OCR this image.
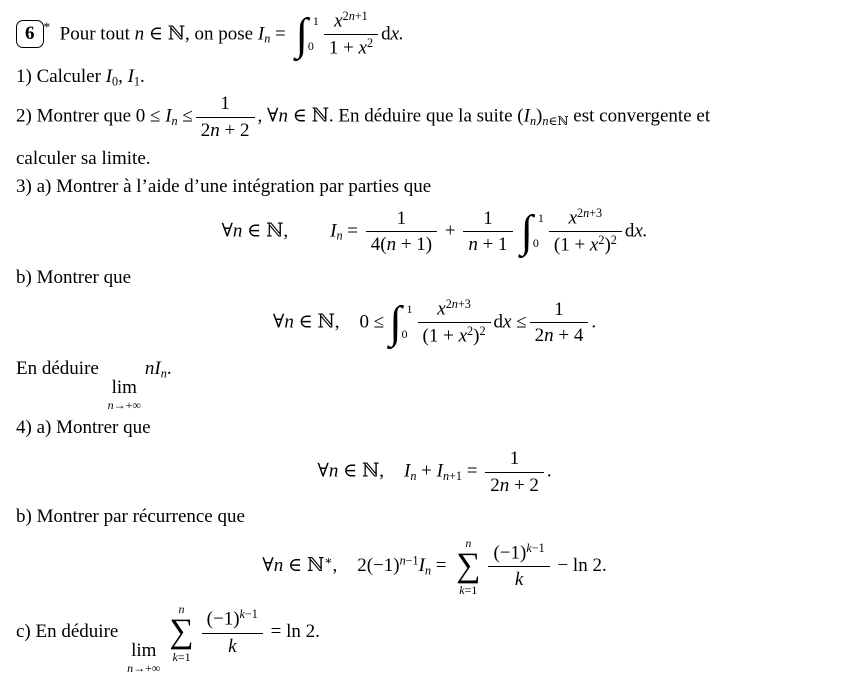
6 * Pour tout n ∈ ℕ, on pose $I_n$ = ∫ 1
$0 \frac{x^{2n+1}}{1 + x^2}$ dx.

1) Calculer $I_0$, $I_1$.

2) Montrer que $0 \le I_n \le \frac{1}{2n + 2}$ , ∀n ∈ ℕ. En déduire que la suite $(I_n)_{n\in ℕ}$ est convergente et

calculer sa limite.

3) a) Montrer à l’aide d’une intégration par parties que

∀n ∈ ℕ, $I_n = \frac{1}{4(n + 1)} + \frac{1}{n + 1}$ ∫ 1
$0 \frac{x^{2n+3}}{(1 + x^2)^2}$ dx.

b) Montrer que

∀n ∈ ℕ, 0 ≤ ∫ 1
$0 \frac{x^{2n+3}}{(1 + x^2)^2}$ dx ≤ $\frac{1}{2n + 4}$ .

En déduire
lim
n→+∞
$nI_n$.

4) a) Montrer que

∀n ∈ ℕ, $I_n + I_{n+1} = \frac{1}{2n + 2}$ .

b) Montrer par récurrence que

∀n ∈ ℕ∗, $2(-1)^{n-1}I_n$ =
n
∑
$k=1 \frac{(-1)^{k-1}}{k} - \ln 2$.

c) En déduire
lim
n→+∞
n
∑
$k=1 \frac{(-1)^{k-1}}{k} = \ln 2$.
